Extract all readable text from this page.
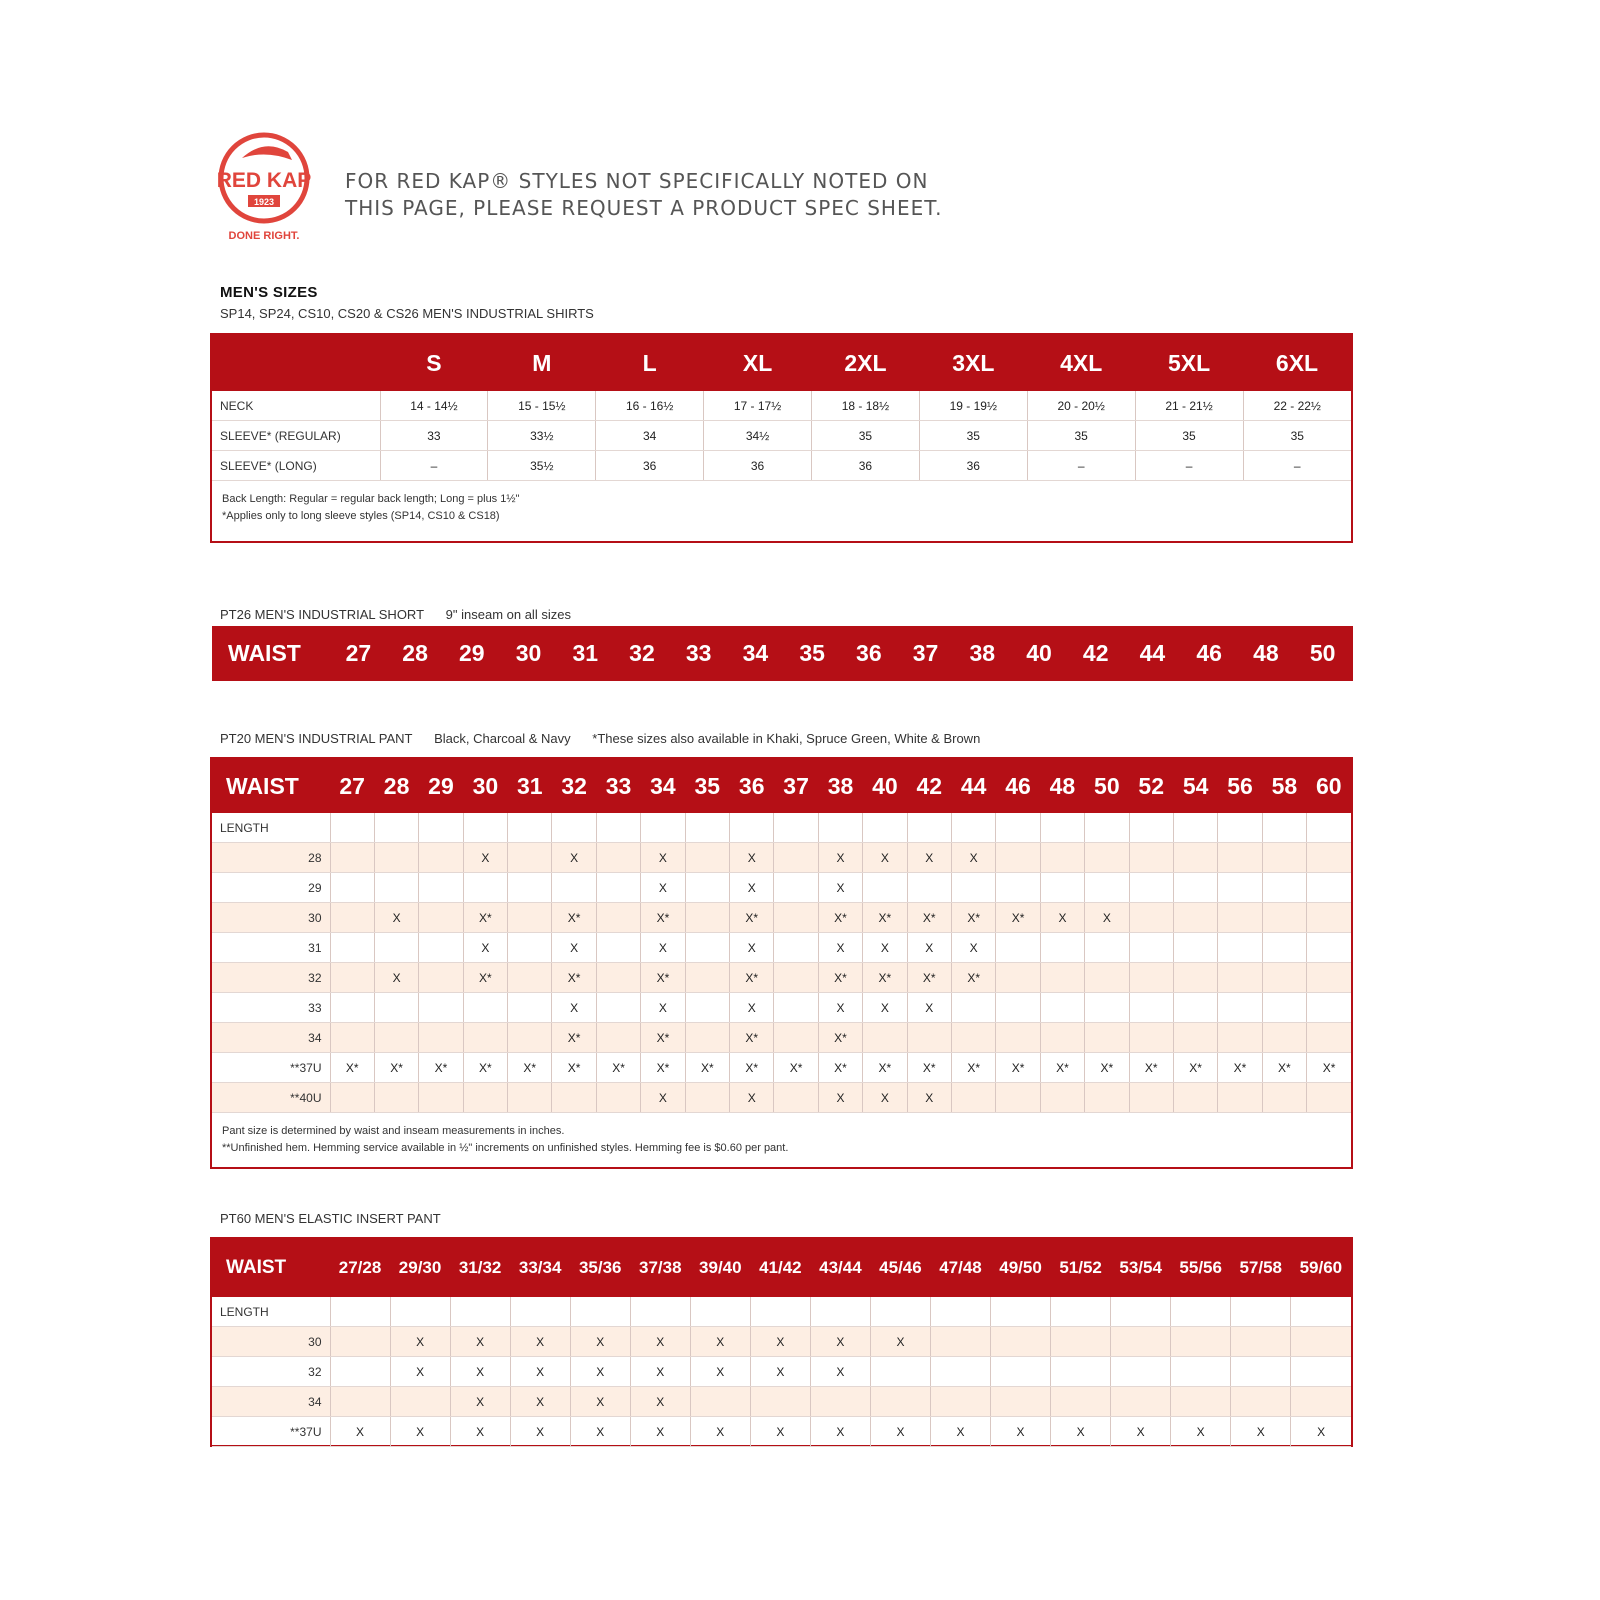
RED KAP
1923
DONE RIGHT.
FOR RED KAP® STYLES NOT SPECIFICALLY NOTED ON
THIS PAGE, PLEASE REQUEST A PRODUCT SPEC SHEET.
MEN'S SIZES
SP14, SP24, CS10, CS20 & CS26 MEN'S INDUSTRIAL SHIRTS
	S	M	L	XL	2XL	3XL	4XL	5XL	6XL
NECK	14 - 14½	15 - 15½	16 - 16½	17 - 17½	18 - 18½	19 - 19½	20 - 20½	21 - 21½	22 - 22½
SLEEVE* (REGULAR)	33	33½	34	34½	35	35	35	35	35
SLEEVE* (LONG)	–	35½	36	36	36	36	–	–	–
Back Length: Regular = regular back length; Long = plus 1½"
*Applies only to long sleeve styles (SP14, CS10 & CS18)
PT26 MEN'S INDUSTRIAL SHORT 9" inseam on all sizes
WAIST	27	28	29	30	31	32	33	34	35	36	37	38	40	42	44	46	48	50
PT20 MEN'S INDUSTRIAL PANT Black, Charcoal & Navy *These sizes also available in Khaki, Spruce Green, White & Brown
WAIST	27	28	29	30	31	32	33	34	35	36	37	38	40	42	44	46	48	50	52	54	56	58	60
LENGTH																							
28				X		X		X		X		X	X	X	X								
29								X		X		X											
30		X		X*		X*		X*		X*		X*	X*	X*	X*	X*	X	X					
31				X		X		X		X		X	X	X	X								
32		X		X*		X*		X*		X*		X*	X*	X*	X*								
33						X		X		X		X	X	X									
34						X*		X*		X*		X*											
**37U	X*	X*	X*	X*	X*	X*	X*	X*	X*	X*	X*	X*	X*	X*	X*	X*	X*	X*	X*	X*	X*	X*	X*
**40U								X		X		X	X	X									
Pant size is determined by waist and inseam measurements in inches.
**Unfinished hem. Hemming service available in ½" increments on unfinished styles. Hemming fee is $0.60 per pant.
PT60 MEN'S ELASTIC INSERT PANT
WAIST	27/28	29/30	31/32	33/34	35/36	37/38	39/40	41/42	43/44	45/46	47/48	49/50	51/52	53/54	55/56	57/58	59/60
LENGTH																	
30		X	X	X	X	X	X	X	X	X							
32		X	X	X	X	X	X	X	X								
34			X	X	X	X											
**37U	X	X	X	X	X	X	X	X	X	X	X	X	X	X	X	X	X
